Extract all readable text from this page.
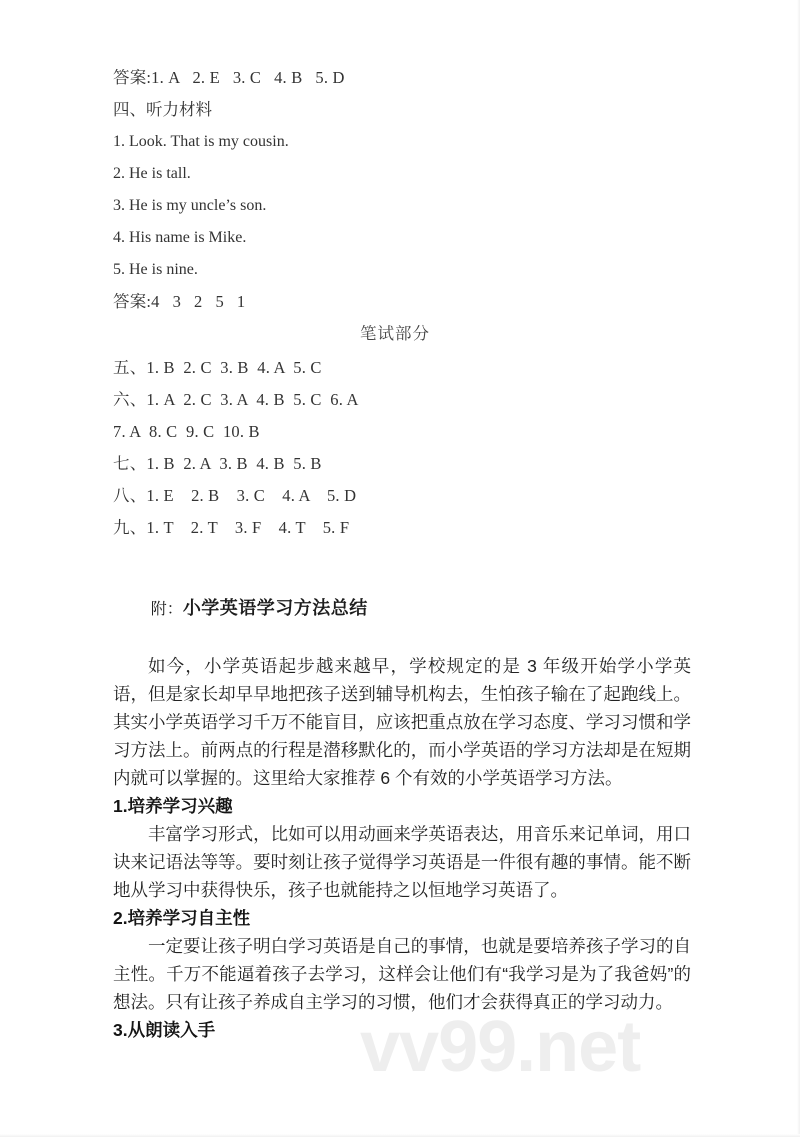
答案:1. A   2. E   3. C   4. B   5. D
四、听力材料
1. Look. That is my cousin.
2. He is tall.
3. He is my uncle’s son.
4. His name is Mike.
5. He is nine.
答案:4   3   2   5   1
笔试部分
五、1. B  2. C  3. B  4. A  5. C
六、1. A  2. C  3. A  4. B  5. C  6. A
7. A  8. C  9. C  10. B
七、1. B  2. A  3. B  4. B  5. B
八、1. E    2. B    3. C    4. A    5. D
九、1. T    2. T    3. F    4. T    5. F

附：小学英语学习方法总结

如今，小学英语起步越来越早，学校规定的是 3 年级开始学小学英语，但是家长却早早地把孩子送到辅导机构去，生怕孩子输在了起跑线上。其实小学英语学习千万不能盲目，应该把重点放在学习态度、学习习惯和学习方法上。前两点的行程是潜移默化的，而小学英语的学习方法却是在短期内就可以掌握的。这里给大家推荐 6 个有效的小学英语学习方法。

1.培养学习兴趣

丰富学习形式，比如可以用动画来学英语表达，用音乐来记单词，用口诀来记语法等等。要时刻让孩子觉得学习英语是一件很有趣的事情。能不断地从学习中获得快乐，孩子也就能持之以恒地学习英语了。

2.培养学习自主性

一定要让孩子明白学习英语是自己的事情，也就是要培养孩子学习的自主性。千万不能逼着孩子去学习，这样会让他们有“我学习是为了我爸妈”的想法。只有让孩子养成自主学习的习惯，他们才会获得真正的学习动力。

3.从朗读入手	vv99.net
